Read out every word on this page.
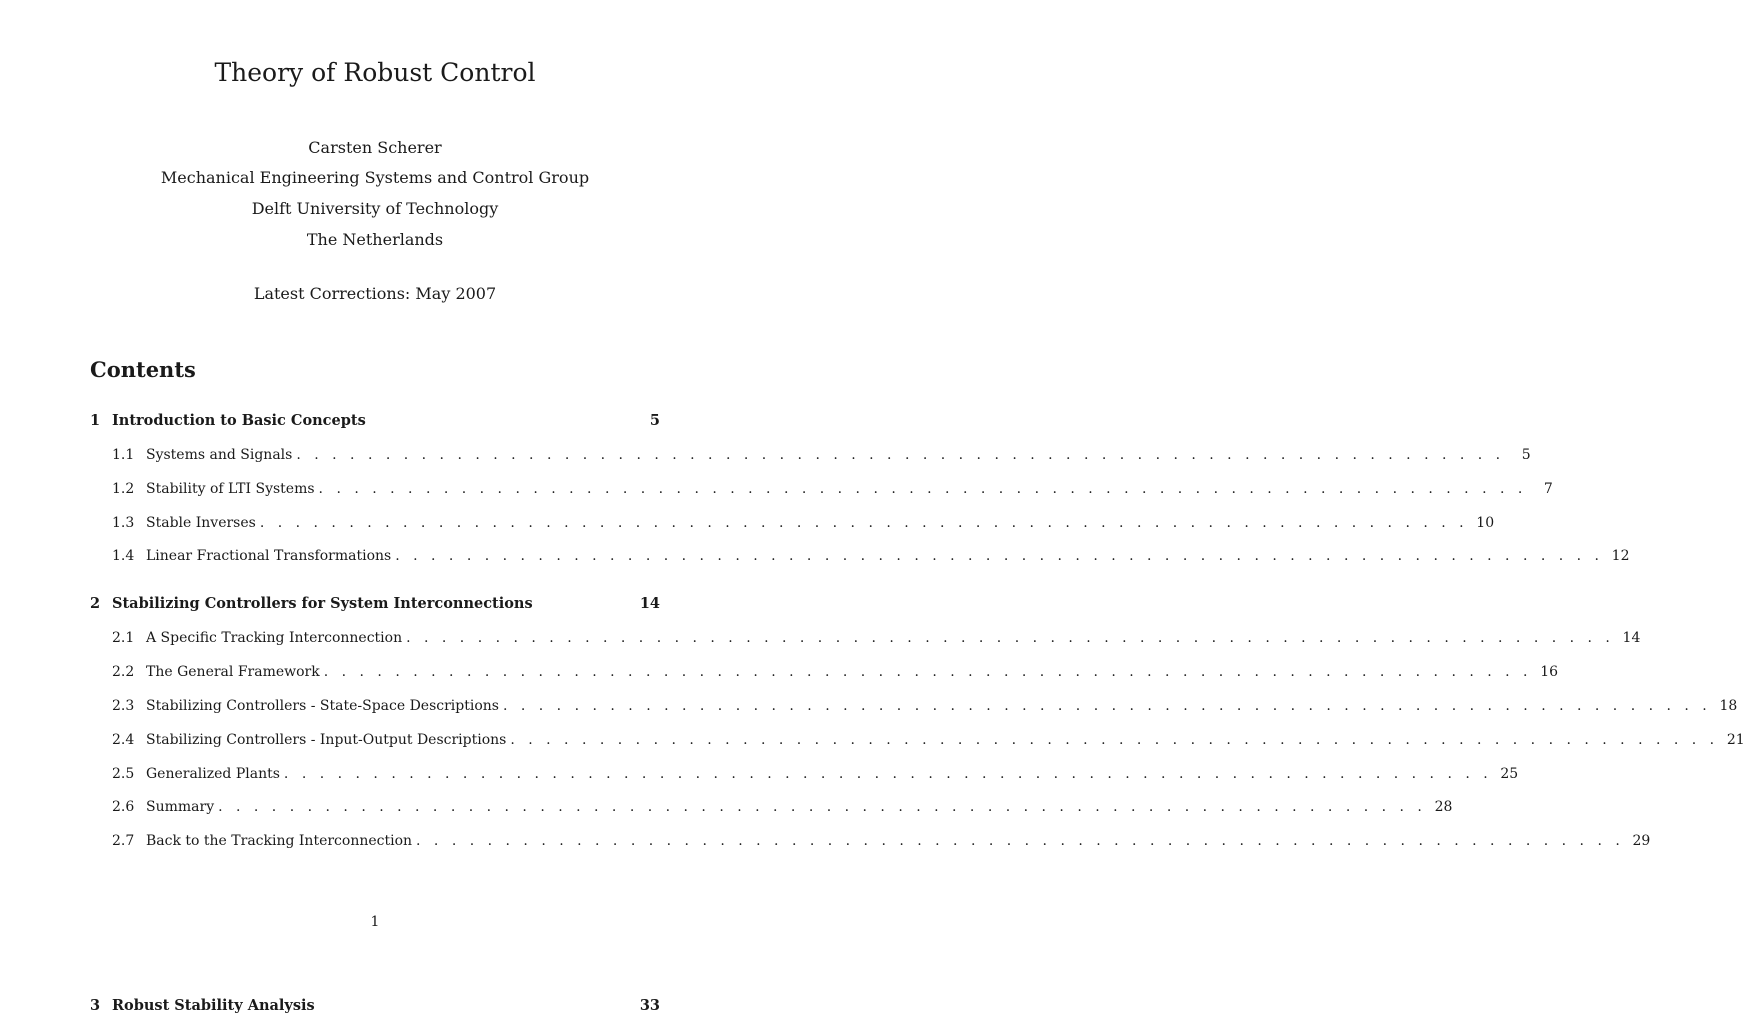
Theory of Robust Control

Carsten Scherer

Mechanical Engineering Systems and Control Group

Delft University of Technology

The Netherlands

Latest Corrections: May 2007

Contents
1 Introduction to Basic Concepts	5
1.1 Systems and Signals . . . . . . . . . . . . . . . . . . . . . . . . . . . . . . . . . . . . . . . . . . . . . . . . . . . . . . . . . . . . . . . . . . . .	5
1.2 Stability of LTI Systems . . . . . . . . . . . . . . . . . . . . . . . . . . . . . . . . . . . . . . . . . . . . . . . . . . . . . . . . . . . . . . . . . . . .	7
1.3 Stable Inverses . . . . . . . . . . . . . . . . . . . . . . . . . . . . . . . . . . . . . . . . . . . . . . . . . . . . . . . . . . . . . . . . . . . . 10
1.4 Linear Fractional Transformations . . . . . . . . . . . . . . . . . . . . . . . . . . . . . . . . . . . . . . . . . . . . . . . . . . . . . . . . . . . . . . . . . . . . 12
2 Stabilizing Controllers for System Interconnections	14
2.1 A Specific Tracking Interconnection . . . . . . . . . . . . . . . . . . . . . . . . . . . . . . . . . . . . . . . . . . . . . . . . . . . . . . . . . . . . . . . . . . . . 14
2.2 The General Framework . . . . . . . . . . . . . . . . . . . . . . . . . . . . . . . . . . . . . . . . . . . . . . . . . . . . . . . . . . . . . . . . . . . . 16
2.3 Stabilizing Controllers - State-Space Descriptions . . . . . . . . . . . . . . . . . . . . . . . . . . . . . . . . . . . . . . . . . . . . . . . . . . . . . . . . . . . . . . . . . . . . 18
2.4 Stabilizing Controllers - Input-Output Descriptions . . . . . . . . . . . . . . . . . . . . . . . . . . . . . . . . . . . . . . . . . . . . . . . . . . . . . . . . . . . . . . . . . . . . 21
2.5 Generalized Plants . . . . . . . . . . . . . . . . . . . . . . . . . . . . . . . . . . . . . . . . . . . . . . . . . . . . . . . . . . . . . . . . . . . . 25
2.6 Summary . . . . . . . . . . . . . . . . . . . . . . . . . . . . . . . . . . . . . . . . . . . . . . . . . . . . . . . . . . . . . . . . . . . . 28
2.7 Back to the Tracking Interconnection . . . . . . . . . . . . . . . . . . . . . . . . . . . . . . . . . . . . . . . . . . . . . . . . . . . . . . . . . . . . . . . . . . . . 29

1

3 Robust Stability Analysis	33
